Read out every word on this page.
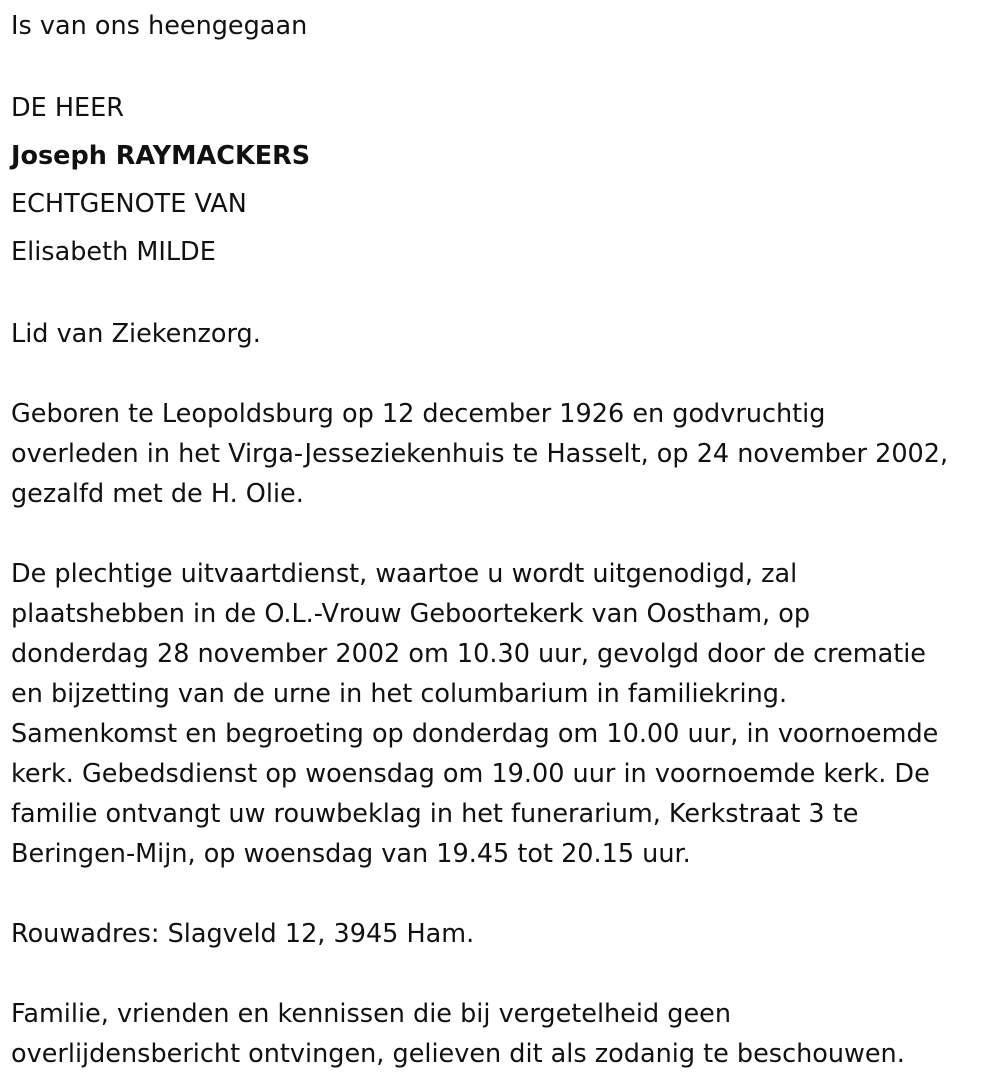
Is van ons heengegaan
DE HEER
Joseph RAYMACKERS
ECHTGENOTE VAN
Elisabeth MILDE
Lid van Ziekenzorg.
Geboren te Leopoldsburg op 12 december 1926 en godvruchtig
overleden in het Virga-Jesseziekenhuis te Hasselt, op 24 november 2002,
gezalfd met de H. Olie.
De plechtige uitvaartdienst, waartoe u wordt uitgenodigd, zal
plaatshebben in de O.L.-Vrouw Geboortekerk van Oostham, op
donderdag 28 november 2002 om 10.30 uur, gevolgd door de crematie
en bijzetting van de urne in het columbarium in familiekring.
Samenkomst en begroeting op donderdag om 10.00 uur, in voornoemde
kerk. Gebedsdienst op woensdag om 19.00 uur in voornoemde kerk. De
familie ontvangt uw rouwbeklag in het funerarium, Kerkstraat 3 te
Beringen-Mijn, op woensdag van 19.45 tot 20.15 uur.
Rouwadres: Slagveld 12, 3945 Ham.
Familie, vrienden en kennissen die bij vergetelheid geen
overlijdensbericht ontvingen, gelieven dit als zodanig te beschouwen.
